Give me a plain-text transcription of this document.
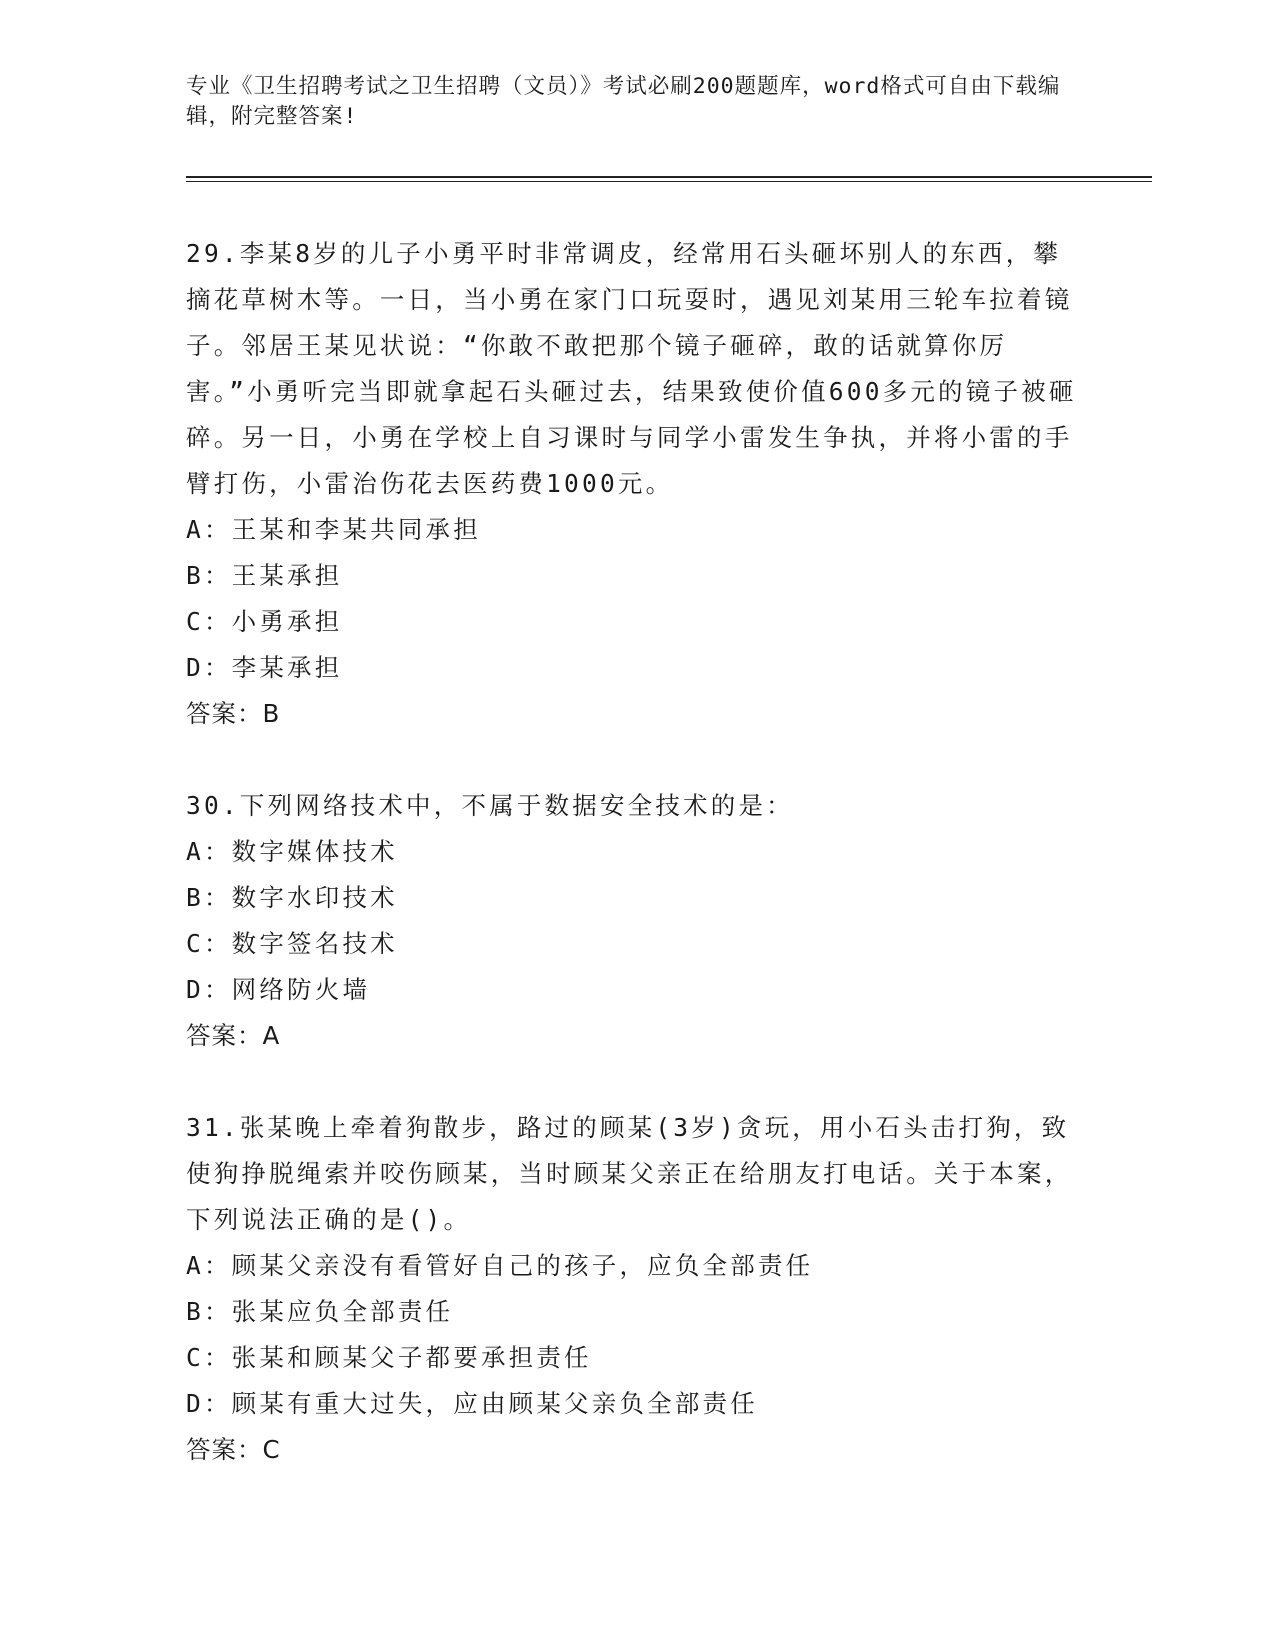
专业《卫生招聘考试之卫生招聘（文员）》考试必刷200题题库，word格式可自由下载编辑，附完整答案!

29.李某8岁的儿子小勇平时非常调皮，经常用石头砸坏别人的东西，攀摘花草树木等。一日，当小勇在家门口玩耍时，遇见刘某用三轮车拉着镜子。邻居王某见状说：“你敢不敢把那个镜子砸碎，敢的话就算你厉害。”小勇听完当即就拿起石头砸过去，结果致使价值600多元的镜子被砸碎。另一日，小勇在学校上自习课时与同学小雷发生争执，并将小雷的手臂打伤，小雷治伤花去医药费1000元。

A：王某和李某共同承担

B：王某承担

C：小勇承担

D：李某承担

答案：B

30.下列网络技术中，不属于数据安全技术的是：

A：数字媒体技术

B：数字水印技术

C：数字签名技术

D：网络防火墙

答案：A

31.张某晚上牵着狗散步，路过的顾某(3岁)贪玩，用小石头击打狗，致使狗挣脱绳索并咬伤顾某，当时顾某父亲正在给朋友打电话。关于本案，下列说法正确的是()。

A：顾某父亲没有看管好自己的孩子，应负全部责任

B：张某应负全部责任

C：张某和顾某父子都要承担责任

D：顾某有重大过失，应由顾某父亲负全部责任

答案：C
